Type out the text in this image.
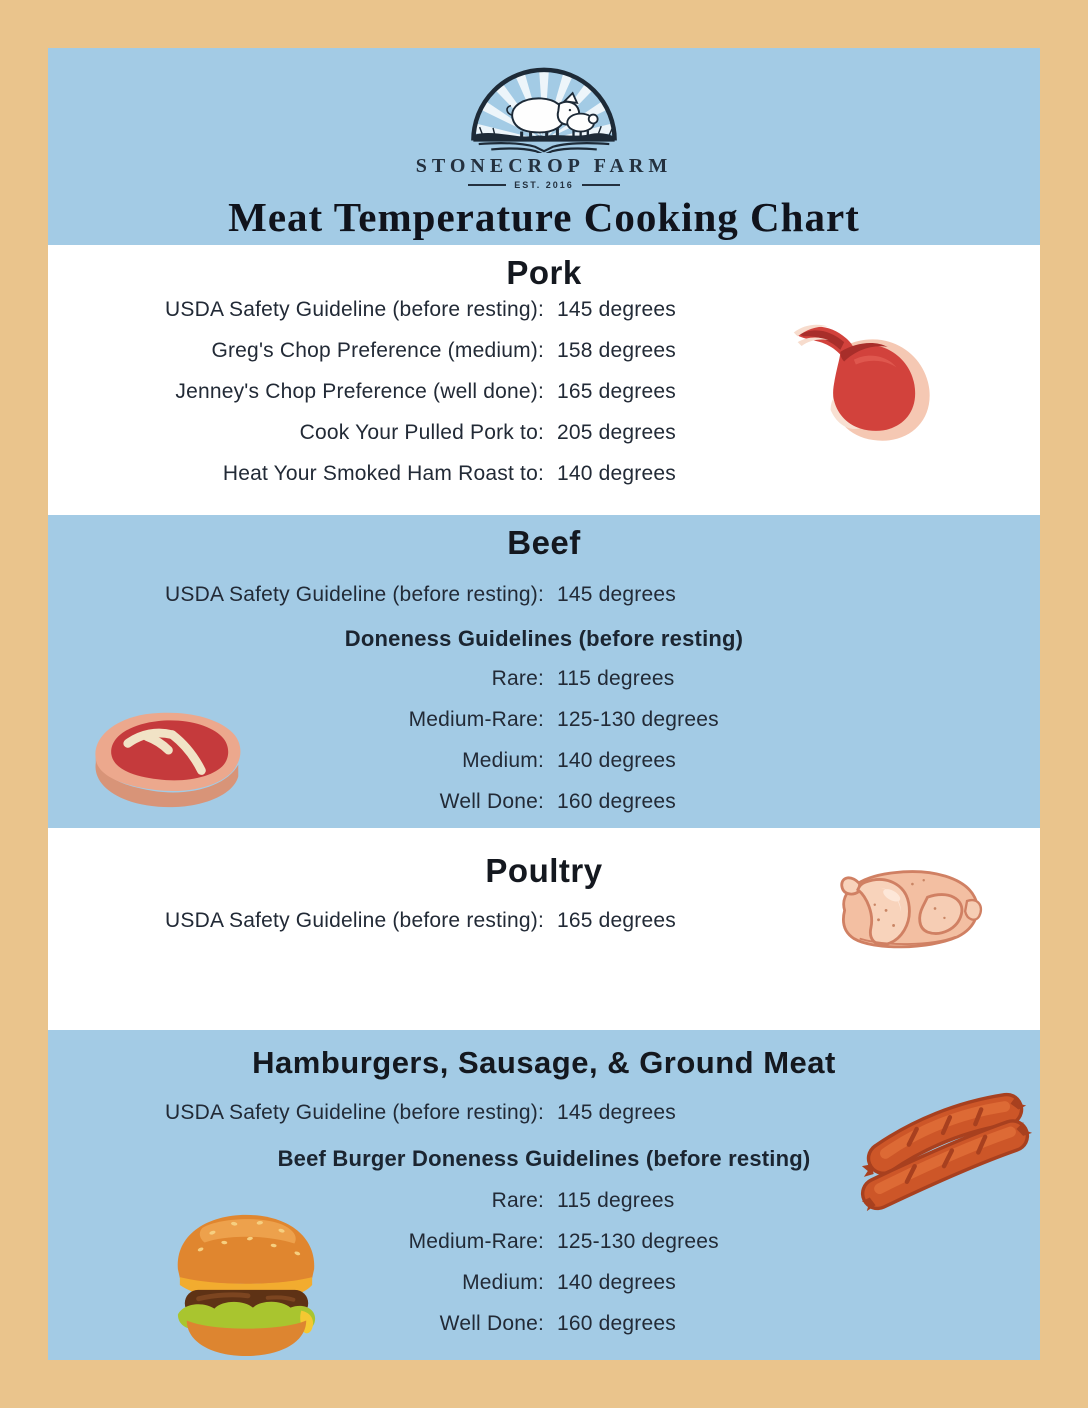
STONECROP FARM
EST. 2016
Meat Temperature Cooking Chart
Pork
USDA Safety Guideline (before resting): 145 degrees
Greg's Chop Preference (medium): 158 degrees
Jenney's Chop Preference (well done): 165 degrees
Cook Your Pulled Pork to: 205 degrees
Heat Your Smoked Ham Roast to: 140 degrees
Beef
USDA Safety Guideline (before resting): 145 degrees
Doneness Guidelines (before resting)
Rare: 115 degrees
Medium-Rare: 125-130 degrees
Medium: 140 degrees
Well Done: 160 degrees
Poultry
USDA Safety Guideline (before resting): 165 degrees
Hamburgers, Sausage, & Ground Meat
USDA Safety Guideline (before resting): 145 degrees
Beef Burger Doneness Guidelines (before resting)
Rare: 115 degrees
Medium-Rare: 125-130 degrees
Medium: 140 degrees
Well Done: 160 degrees
